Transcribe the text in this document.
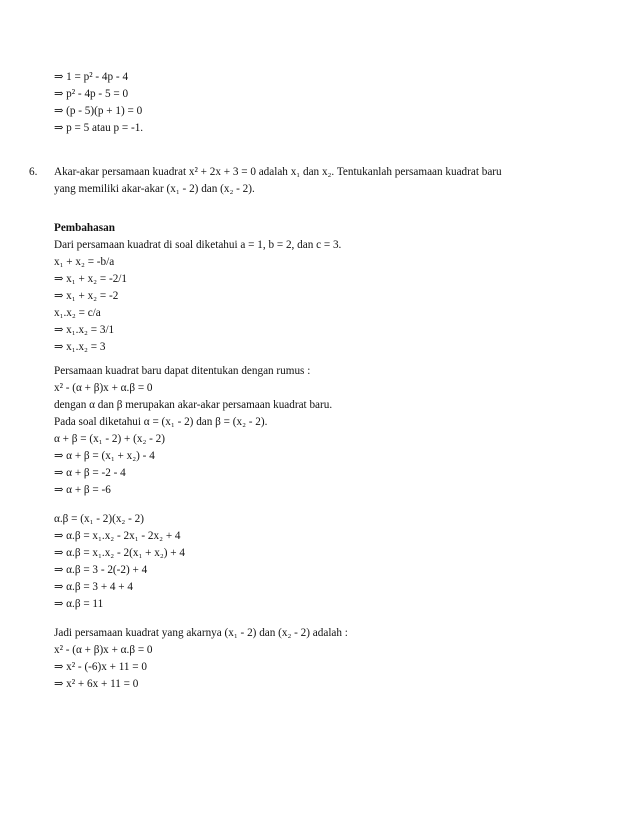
⇒ 1 = p² - 4p - 4
⇒ p² - 4p - 5 = 0
⇒ (p - 5)(p + 1) = 0
⇒ p = 5 atau p = -1.
6. Akar-akar persamaan kuadrat x² + 2x + 3 = 0 adalah x₁ dan x₂. Tentukanlah persamaan kuadrat baru
yang memiliki akar-akar (x₁ - 2) dan (x₂ - 2).
Pembahasan
Dari persamaan kuadrat di soal diketahui a = 1, b = 2, dan c = 3.
x₁ + x₂ = -b/a
⇒ x₁ + x₂ = -2/1
⇒ x₁ + x₂ = -2
x₁.x₂ = c/a
⇒ x₁.x₂ = 3/1
⇒ x₁.x₂ = 3
Persamaan kuadrat baru dapat ditentukan dengan rumus :
x² - (α + β)x + α.β = 0
dengan α dan β merupakan akar-akar persamaan kuadrat baru.
Pada soal diketahui α = (x₁ - 2) dan β = (x₂ - 2).
α + β = (x₁ - 2) + (x₂ - 2)
⇒ α + β = (x₁ + x₂) - 4
⇒ α + β = -2 - 4
⇒ α + β = -6
α.β = (x₁ - 2)(x₂ - 2)
⇒ α.β = x₁.x₂ - 2x₁ - 2x₂ + 4
⇒ α.β = x₁.x₂ - 2(x₁ + x₂) + 4
⇒ α.β = 3 - 2(-2) + 4
⇒ α.β = 3 + 4 + 4
⇒ α.β = 11
Jadi persamaan kuadrat yang akarnya (x₁ - 2) dan (x₂ - 2) adalah :
x² - (α + β)x + α.β = 0
⇒ x² - (-6)x + 11 = 0
⇒ x² + 6x + 11 = 0
